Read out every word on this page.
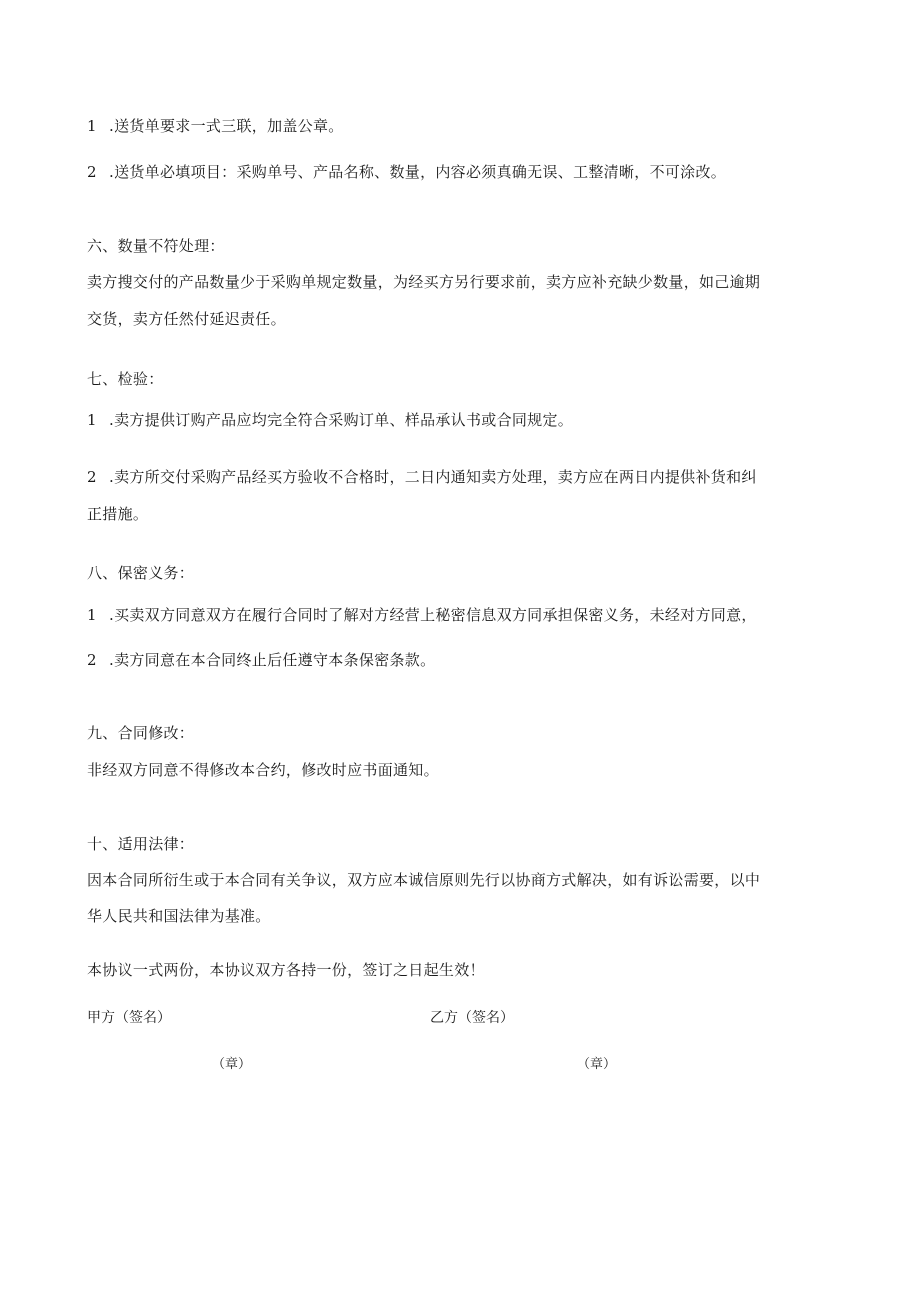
1 .送货单要求一式三联，加盖公章。
2 .送货单必填项目：采购单号、产品名称、数量，内容必须真确无误、工整清晰，不可涂改。
六、数量不符处理：
卖方搜交付的产品数量少于采购单规定数量，为经买方另行要求前，卖方应补充缺少数量，如己逾期
交货，卖方任然付延迟责任。
七、检验：
1 .卖方提供订购产品应均完全符合采购订单、样品承认书或合同规定。
2 .卖方所交付采购产品经买方验收不合格时，二日内通知卖方处理，卖方应在两日内提供补货和纠
正措施。
八、保密义务：
1 .买卖双方同意双方在履行合同时了解对方经营上秘密信息双方同承担保密义务，未经对方同意，
2 .卖方同意在本合同终止后任遵守本条保密条款。
九、合同修改：
非经双方同意不得修改本合约，修改时应书面通知。
十、适用法律：
因本合同所衍生或于本合同有关争议，双方应本诚信原则先行以协商方式解决，如有诉讼需要，以中
华人民共和国法律为基准。
本协议一式两份，本协议双方各持一份，签订之日起生效！
甲方（签名）	乙方（签名）
（章）	（章）
